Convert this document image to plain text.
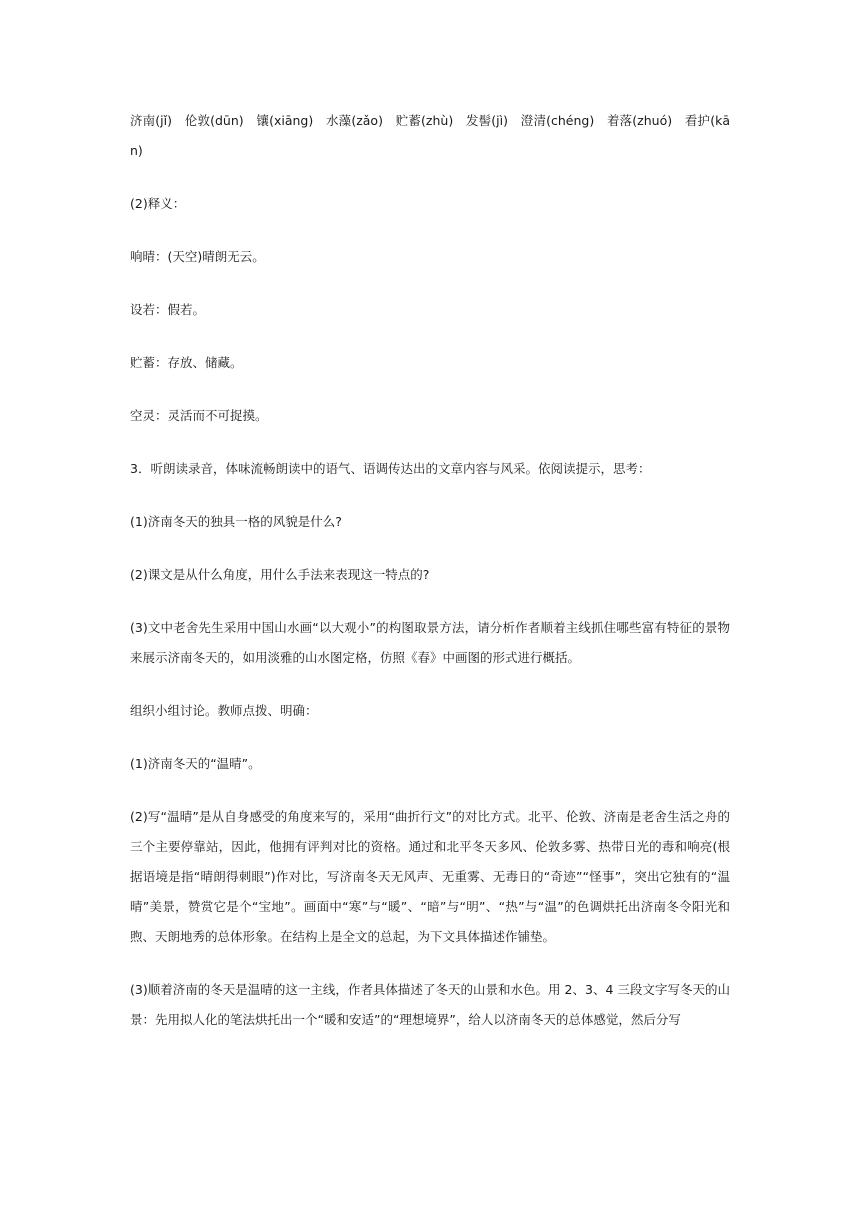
济南(jǐ)　伦敦(dūn)　镶(xiāng)　水藻(zǎo)　贮蓄(zhù)　发髻(jì)　澄清(chéng)　着落(zhuó)　看护(kān)

(2)释义：

响晴：(天空)晴朗无云。

设若：假若。

贮蓄：存放、储藏。

空灵：灵活而不可捉摸。

3．听朗读录音，体味流畅朗读中的语气、语调传达出的文章内容与风采。依阅读提示，思考：

(1)济南冬天的独具一格的风貌是什么?

(2)课文是从什么角度，用什么手法来表现这一特点的?

(3)文中老舍先生采用中国山水画“以大观小”的构图取景方法，请分析作者顺着主线抓住哪些富有特征的景物来展示济南冬天的，如用淡雅的山水图定格，仿照《春》中画图的形式进行概括。

组织小组讨论。教师点拨、明确：

(1)济南冬天的“温晴”。

(2)写“温晴”是从自身感受的角度来写的，采用“曲折行文”的对比方式。北平、伦敦、济南是老舍生活之舟的三个主要停靠站，因此，他拥有评判对比的资格。通过和北平冬天多风、伦敦多雾、热带日光的毒和响亮(根据语境是指“晴朗得刺眼”)作对比，写济南冬天无风声、无重雾、无毒日的“奇迹”“怪事”，突出它独有的“温晴”美景，赞赏它是个“宝地”。画面中“寒”与“暖”、“暗”与“明”、“热”与“温”的色调烘托出济南冬令阳光和煦、天朗地秀的总体形象。在结构上是全文的总起，为下文具体描述作铺垫。

(3)顺着济南的冬天是温晴的这一主线，作者具体描述了冬天的山景和水色。用 2、3、4 三段文字写冬天的山景：先用拟人化的笔法烘托出一个“暖和安适”的“理想境界”，给人以济南冬天的总体感觉，然后分写
